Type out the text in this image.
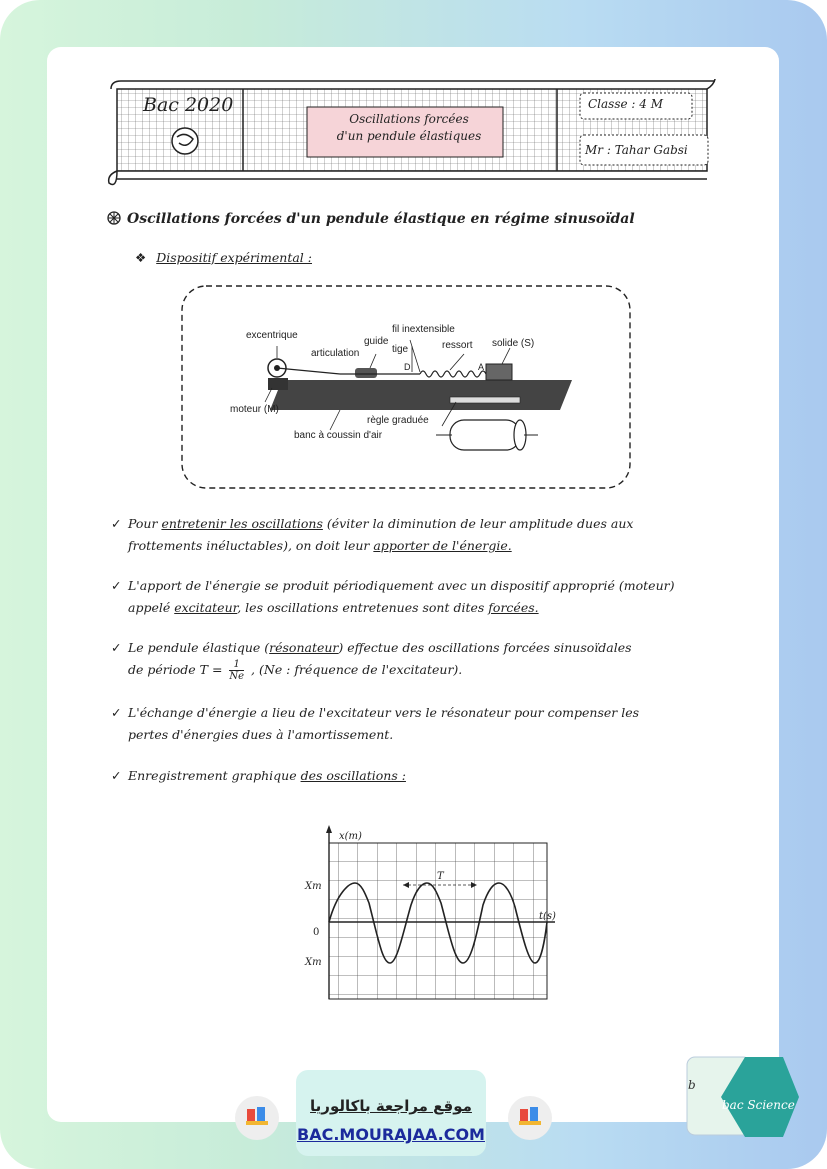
Bac 2020
Oscillations forcées
d'un pendule élastiques
Classe : 4 M
Mr : Tahar Gabsi
Oscillations forcées d'un pendule élastique en régime sinusoïdal
❖ Dispositif expérimental :
excentrique
articulation
guide
fil inextensible
tige	ressort solide (S)
D	A
moteur (M)
règle graduée
banc à coussin d'air
✓ Pour entretenir les oscillations (éviter la diminution de leur amplitude dues aux
frottements inéluctables), on doit leur apporter de l'énergie.
✓ L'apport de l'énergie se produit périodiquement avec un dispositif approprié (moteur)
appelé excitateur, les oscillations entretenues sont dites forcées.
✓ Le pendule élastique (résonateur) effectue des oscillations forcées sinusoïdales
de période $T = \frac{1}{Ne}$ , (Ne : fréquence de l'excitateur).
✓ L'échange d'énergie a lieu de l'excitateur vers le résonateur pour compenser les
pertes d'énergies dues à l'amortissement.
✓ Enregistrement graphique des oscillations :
x(m)
t(s)
Xm
Xm
0
T
موقع مراجعة باكالوريا
BAC.MOURAJAA.COM
b
bac Science
